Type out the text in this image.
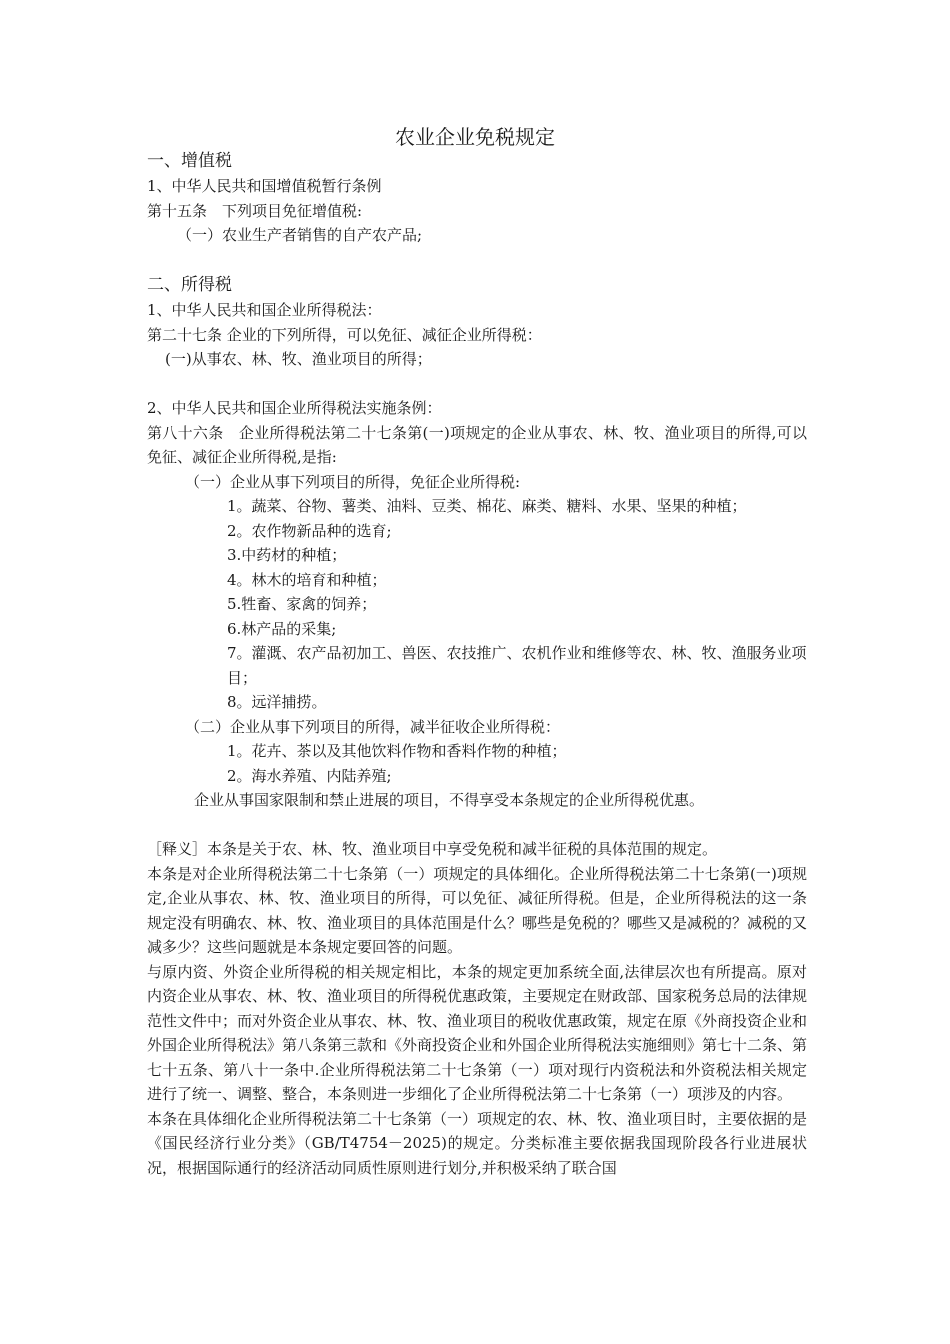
农业企业免税规定
一、增值税
1、中华人民共和国增值税暂行条例
第十五条　下列项目免征增值税:
（一）农业生产者销售的自产农产品;
二、所得税
1、中华人民共和国企业所得税法：
第二十七条 企业的下列所得，可以免征、减征企业所得税：
(一)从事农、林、牧、渔业项目的所得；
2、中华人民共和国企业所得税法实施条例：
第八十六条　企业所得税法第二十七条第(一)项规定的企业从事农、林、牧、渔业项目的所得,可以免征、减征企业所得税,是指:
（一）企业从事下列项目的所得，免征企业所得税:
1。蔬菜、谷物、薯类、油料、豆类、棉花、麻类、糖料、水果、坚果的种植；
2。农作物新品种的选育;
3.中药材的种植；
4。林木的培育和种植；
5.牲畜、家禽的饲养；
6.林产品的采集;
7。灌溉、农产品初加工、兽医、农技推广、农机作业和维修等农、林、牧、渔服务业项目；
8。远洋捕捞。
（二）企业从事下列项目的所得，减半征收企业所得税：
1。花卉、茶以及其他饮料作物和香料作物的种植；
2。海水养殖、内陆养殖;
企业从事国家限制和禁止进展的项目，不得享受本条规定的企业所得税优惠。
［释义］本条是关于农、林、牧、渔业项目中享受免税和减半征税的具体范围的规定。
本条是对企业所得税法第二十七条第（一）项规定的具体细化。企业所得税法第二十七条第(一)项规定,企业从事农、林、牧、渔业项目的所得，可以免征、减征所得税。但是，企业所得税法的这一条规定没有明确农、林、牧、渔业项目的具体范围是什么？哪些是免税的？哪些又是减税的？减税的又减多少？这些问题就是本条规定要回答的问题。
与原内资、外资企业所得税的相关规定相比，本条的规定更加系统全面,法律层次也有所提高。原对内资企业从事农、林、牧、渔业项目的所得税优惠政策，主要规定在财政部、国家税务总局的法律规范性文件中；而对外资企业从事农、林、牧、渔业项目的税收优惠政策，规定在原《外商投资企业和外国企业所得税法》第八条第三款和《外商投资企业和外国企业所得税法实施细则》第七十二条、第七十五条、第八十一条中.企业所得税法第二十七条第（一）项对现行内资税法和外资税法相关规定进行了统一、调整、整合，本条则进一步细化了企业所得税法第二十七条第（一）项涉及的内容。
本条在具体细化企业所得税法第二十七条第（一）项规定的农、林、牧、渔业项目时，主要依据的是《国民经济行业分类》（GB/T4754－2025)的规定。分类标准主要依据我国现阶段各行业进展状况，根据国际通行的经济活动同质性原则进行划分,并积极采纳了联合国
